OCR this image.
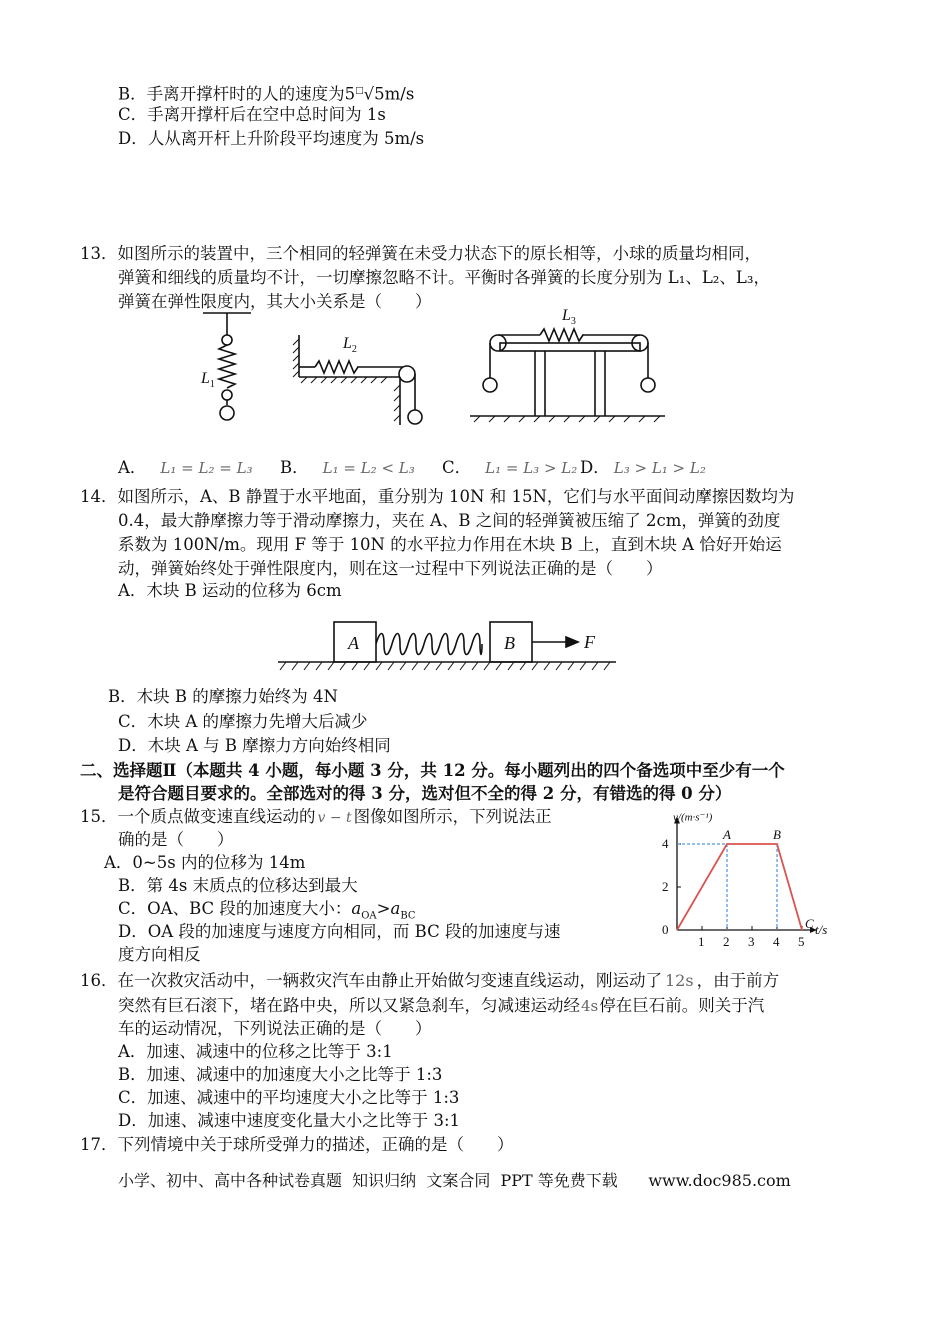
B．手离开撑杆时的人的速度为5□√5m/s
C．手离开撑杆后在空中总时间为 1s
D．人从离开杆上升阶段平均速度为 5m/s
13．如图所示的装置中，三个相同的轻弹簧在未受力状态下的原长相等，小球的质量均相同，
弹簧和细线的质量均不计，一切摩擦忽略不计。平衡时各弹簧的长度分别为 L₁、L₂、L₃，
弹簧在弹性限度内，其大小关系是（　　）
$L_1$
$L_2$
$L_3$
A． L₁ = L₂ = L₃ B． L₁ = L₂ < L₃ C． L₁ = L₃ > L₂ D． L₃ > L₁ > L₂
14．如图所示，A、B 静置于水平地面，重分别为 10N 和 15N，它们与水平面间动摩擦因数均为
0.4，最大静摩擦力等于滑动摩擦力，夹在 A、B 之间的轻弹簧被压缩了 2cm，弹簧的劲度
系数为 100N/m。现用 F 等于 10N 的水平拉力作用在木块 B 上，直到木块 A 恰好开始运
动，弹簧始终处于弹性限度内，则在这一过程中下列说法正确的是（　　）
A．木块 B 运动的位移为 6cm
A	B	F
B．木块 B 的摩擦力始终为 4N
C．木块 A 的摩擦力先增大后减少
D．木块 A 与 B 摩擦力方向始终相同
二、选择题Ⅱ（本题共 4 小题，每小题 3 分，共 12 分。每小题列出的四个备选项中至少有一个
是符合题目要求的。全部选对的得 3 分，选对但不全的得 2 分，有错选的得 0 分）
15．一个质点做变速直线运动的 v − t 图像如图所示，下列说法正
确的是（　　）
A．0~5s 内的位移为 14m
B．第 4s 末质点的位移达到最大
C．OA、BC 段的加速度大小：$a_{OA}>a_{BC}$
D．OA 段的加速度与速度方向相同，而 BC 段的加速度与速
度方向相反
v/(m·s⁻¹)
t/s
0
1 2 3 4 5
2
4
A	B
C
16．在一次救灾活动中，一辆救灾汽车由静止开始做匀变速直线运动，刚运动了 12s ，由于前方
突然有巨石滚下，堵在路中央，所以又紧急刹车，匀减速运动经4s停在巨石前。则关于汽
车的运动情况，下列说法正确的是（　　）
A．加速、减速中的位移之比等于 3:1
B．加速、减速中的加速度大小之比等于 1:3
C．加速、减速中的平均速度大小之比等于 1:3
D．加速、减速中速度变化量大小之比等于 3:1
17．下列情境中关于球所受弹力的描述，正确的是（　　）
小学、初中、高中各种试卷真题  知识归纳  文案合同  PPT 等免费下载      www.doc985.com
